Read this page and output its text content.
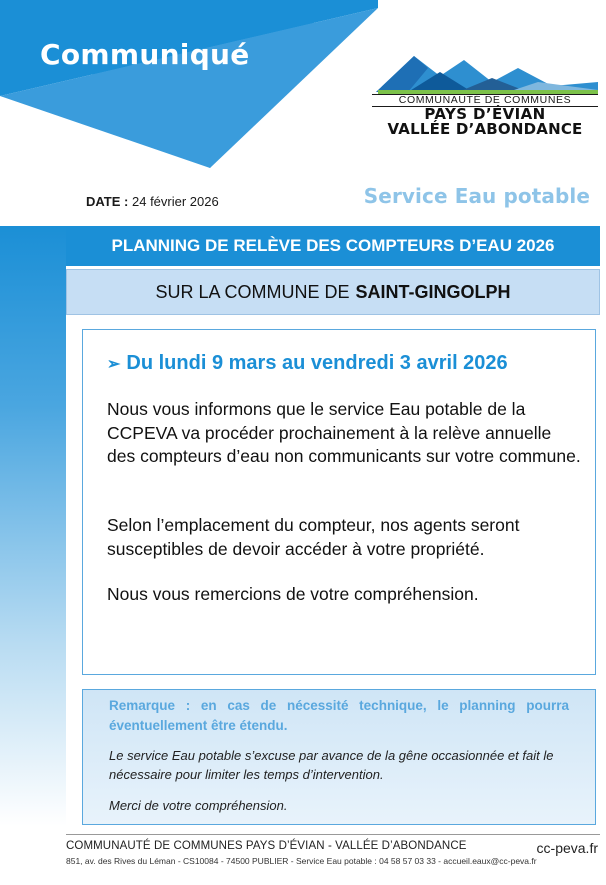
Communiqué
COMMUNAUTÉ DE COMMUNES
PAYS D’ÉVIAN
VALLÉE D’ABONDANCE
DATE : 24 février 2026	Service Eau potable
PLANNING DE RELÈVE DES COMPTEURS D’EAU 2026
SUR LA COMMUNE DE SAINT-GINGOLPH
➢ Du lundi 9 mars au vendredi 3 avril 2026
Nous vous informons que le service Eau potable de la CCPEVA va procéder prochainement à la relève annuelle des compteurs d’eau non communicants sur votre commune.
Selon l’emplacement du compteur, nos agents seront susceptibles de devoir accéder à votre propriété.
Nous vous remercions de votre compréhension.
Remarque : en cas de nécessité technique, le planning pourra éventuellement être étendu.
Le service Eau potable s’excuse par avance de la gêne occasionnée et fait le nécessaire pour limiter les temps d’intervention.
Merci de votre compréhension.
COMMUNAUTÉ DE COMMUNES PAYS D’ÉVIAN - VALLÉE D’ABONDANCE
851, av. des Rives du Léman - CS10084 - 74500 PUBLIER - Service Eau potable : 04 58 57 03 33 - accueil.eaux@cc-peva.fr
cc-peva.fr
